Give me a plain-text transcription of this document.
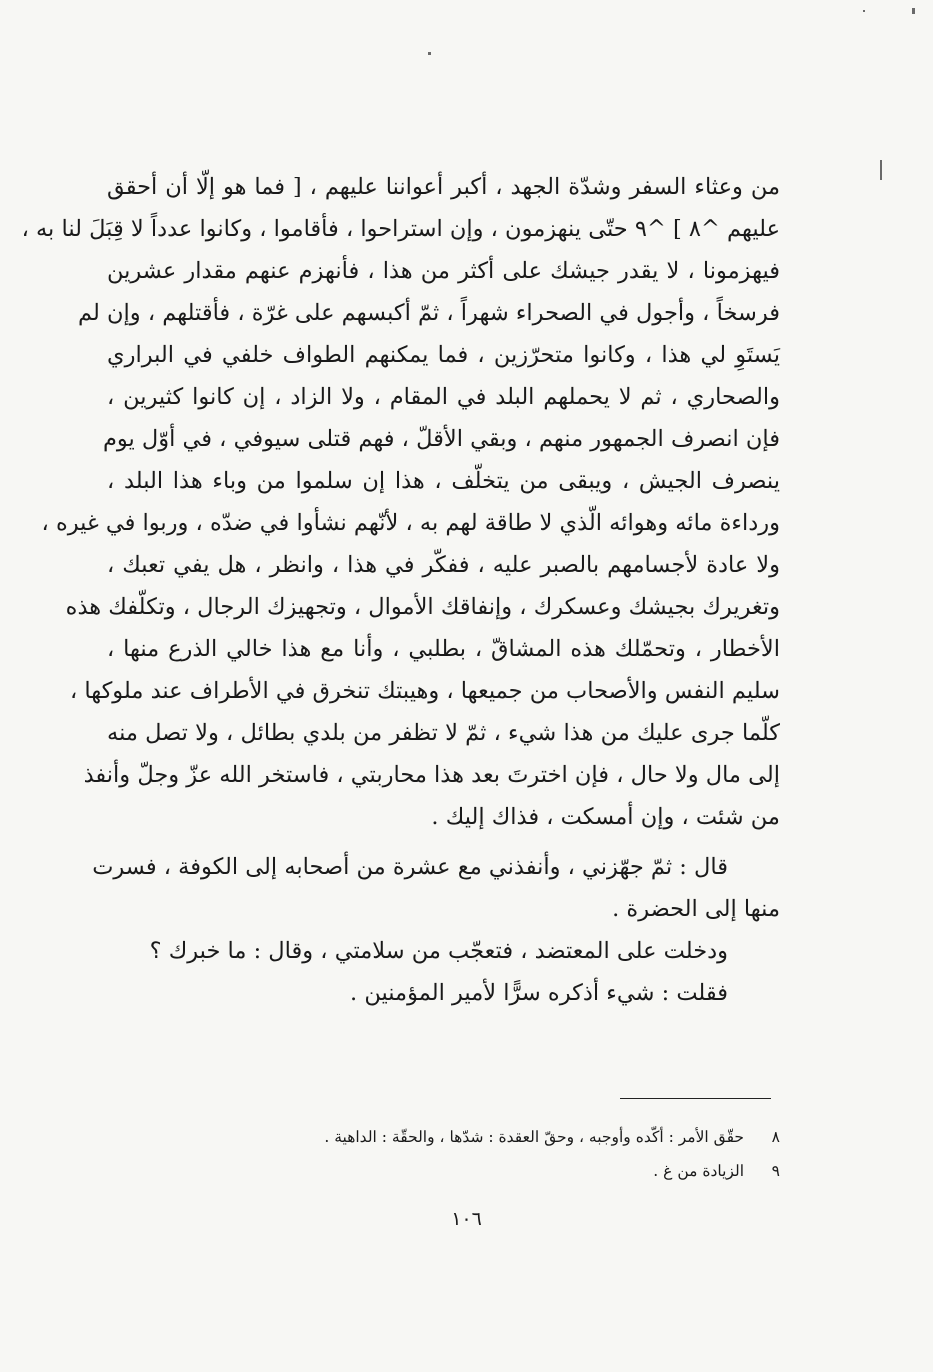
من وعثاء السفر وشدّة الجهد ، أكبر أعواننا عليهم ، [ فما هو إلّا أن أحقق
عليهم ^٨ ] ^٩ حتّى ينهزمون ، وإن استراحوا ، فأقاموا ، وكانوا عدداً لا قِبَلَ لنا به ،
فيهزمونا ، لا يقدر جيشك على أكثر من هذا ، فأنهزم عنهم مقدار عشرين
فرسخاً ، وأجول في الصحراء شهراً ، ثمّ أكبسهم على غرّة ، فأقتلهم ، وإن لم
يَستَوِ لي هذا ، وكانوا متحرّزين ، فما يمكنهم الطواف خلفي في البراري
والصحاري ، ثم لا يحملهم البلد في المقام ، ولا الزاد ، إن كانوا كثيرين ،
فإن انصرف الجمهور منهم ، وبقي الأقلّ ، فهم قتلى سيوفي ، في أوّل يوم
ينصرف الجيش ، ويبقى من يتخلّف ، هذا إن سلموا من وباء هذا البلد ،
ورداءة مائه وهوائه الّذي لا طاقة لهم به ، لأنّهم نشأوا في ضدّه ، وربوا في غيره ،
ولا عادة لأجسامهم بالصبر عليه ، ففكّر في هذا ، وانظر ، هل يفي تعبك ،
وتغريرك بجيشك وعسكرك ، وإنفاقك الأموال ، وتجهيزك الرجال ، وتكلّفك هذه
الأخطار ، وتحمّلك هذه المشاقّ ، بطلبي ، وأنا مع هذا خالي الذرع منها ،
سليم النفس والأصحاب من جميعها ، وهيبتك تنخرق في الأطراف عند ملوكها ،
كلّما جرى عليك من هذا شيء ، ثمّ لا تظفر من بلدي بطائل ، ولا تصل منه
إلى مال ولا حال ، فإن اخترتَ بعد هذا محاربتي ، فاستخر الله عزّ وجلّ وأنفذ
من شئت ، وإن أمسكت ، فذاك إليك .
قال : ثمّ جهّزني ، وأنفذني مع عشرة من أصحابه إلى الكوفة ، فسرت
منها إلى الحضرة .
ودخلت على المعتضد ، فتعجّب من سلامتي ، وقال : ما خبرك ؟
فقلت : شيء أذكره سرًّا لأمير المؤمنين .
٨حقّق الأمر : أكّده وأوجبه ، وحقّ العقدة : شدّها ، والحقّة : الداهية .
٩الزيادة من غ .
١٠٦
